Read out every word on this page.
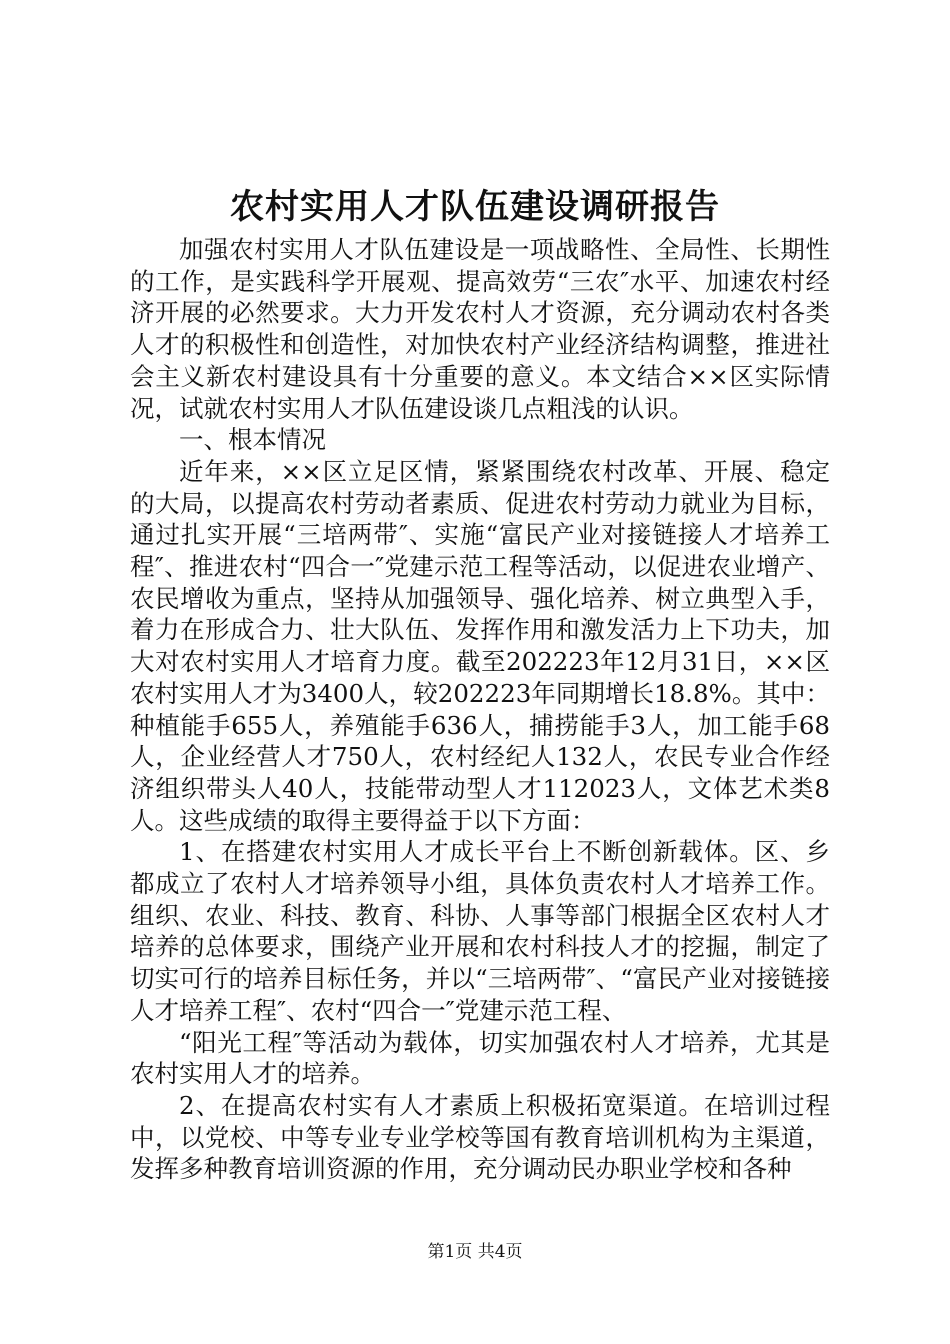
农村实用人才队伍建设调研报告

加强农村实用人才队伍建设是一项战略性、全局性、长期性的工作，是实践科学开展观、提高效劳“三农″水平、加速农村经济开展的必然要求。大力开发农村人才资源，充分调动农村各类人才的积极性和创造性，对加快农村产业经济结构调整，推进社会主义新农村建设具有十分重要的意义。本文结合××区实际情况，试就农村实用人才队伍建设谈几点粗浅的认识。

一、根本情况

近年来，××区立足区情，紧紧围绕农村改革、开展、稳定的大局，以提高农村劳动者素质、促进农村劳动力就业为目标，通过扎实开展“三培两带″、实施“富民产业对接链接人才培养工程″、推进农村“四合一″党建示范工程等活动，以促进农业增产、农民增收为重点，坚持从加强领导、强化培养、树立典型入手，着力在形成合力、壮大队伍、发挥作用和激发活力上下功夫，加大对农村实用人才培育力度。截至202223年12月31日，××区农村实用人才为3400人，较202223年同期增长18.8%。其中：种植能手655人，养殖能手636人，捕捞能手3人，加工能手68人，企业经营人才750人，农村经纪人132人，农民专业合作经济组织带头人40人，技能带动型人才112023人，文体艺术类8人。这些成绩的取得主要得益于以下方面：

1、在搭建农村实用人才成长平台上不断创新载体。区、乡都成立了农村人才培养领导小组，具体负责农村人才培养工作。组织、农业、科技、教育、科协、人事等部门根据全区农村人才培养的总体要求，围绕产业开展和农村科技人才的挖掘，制定了切实可行的培养目标任务，并以“三培两带″、“富民产业对接链接人才培养工程″、农村“四合一″党建示范工程、

“阳光工程″等活动为载体，切实加强农村人才培养，尤其是农村实用人才的培养。

2、在提高农村实有人才素质上积极拓宽渠道。在培训过程中，以党校、中等专业专业学校等国有教育培训机构为主渠道，发挥多种教育培训资源的作用，充分调动民办职业学校和各种

第1页 共4页
